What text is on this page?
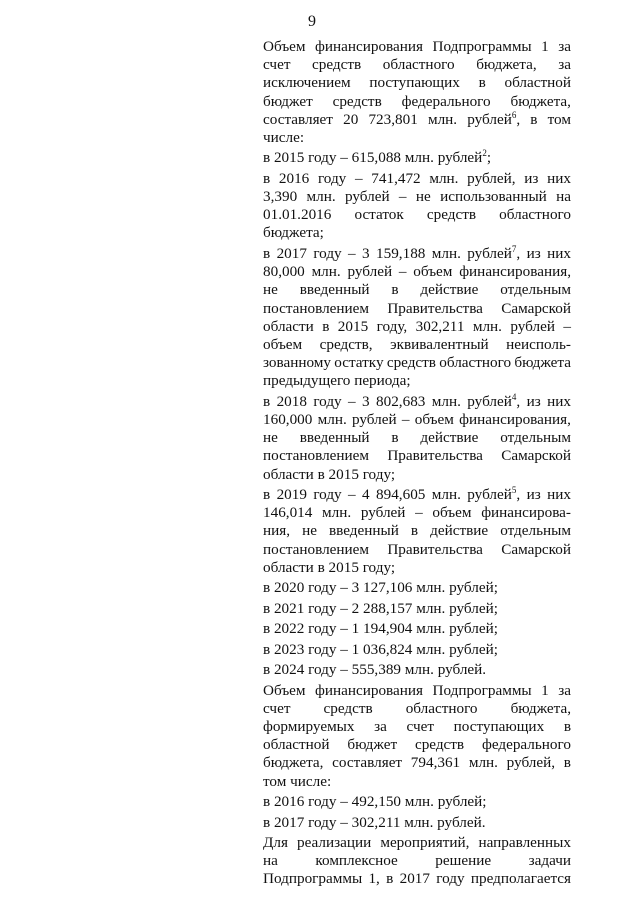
9
Объем финансирования Подпрограммы 1 за
счет средств областного бюджета, за
исключением поступающих в областной
бюджет средств федерального бюджета,
составляет 20 723,801 млн. рублей$^6$, в том
числе:
в 2015 году – 615,088 млн. рублей$^2$;
в 2016 году – 741,472 млн. рублей, из них
3,390 млн. рублей – не использованный на
01.01.2016 остаток средств областного
бюджета;
в 2017 году – 3 159,188 млн. рублей$^7$, из них
80,000 млн. рублей – объем финансирования,
не введенный в действие отдельным
постановлением Правительства Самарской
области в 2015 году, 302,211 млн. рублей –
объем средств, эквивалентный неисполь-
зованному остатку средств областного бюджета
предыдущего периода;
в 2018 году – 3 802,683 млн. рублей$^4$, из них
160,000 млн. рублей – объем финансирования,
не введенный в действие отдельным
постановлением Правительства Самарской
области в 2015 году;
в 2019 году – 4 894,605 млн. рублей$^5$, из них
146,014 млн. рублей – объем финансирова-
ния, не введенный в действие отдельным
постановлением Правительства Самарской
области в 2015 году;
в 2020 году – 3 127,106 млн. рублей;
в 2021 году – 2 288,157 млн. рублей;
в 2022 году – 1 194,904 млн. рублей;
в 2023 году – 1 036,824 млн. рублей;
в 2024 году – 555,389 млн. рублей.
Объем финансирования Подпрограммы 1 за
счет средств областного бюджета,
формируемых за счет поступающих в
областной бюджет средств федерального
бюджета, составляет 794,361 млн. рублей, в
том числе:
в 2016 году – 492,150 млн. рублей;
в 2017 году – 302,211 млн. рублей.
Для реализации мероприятий, направленных
на комплексное решение задачи
Подпрограммы 1, в 2017 году предполагается
